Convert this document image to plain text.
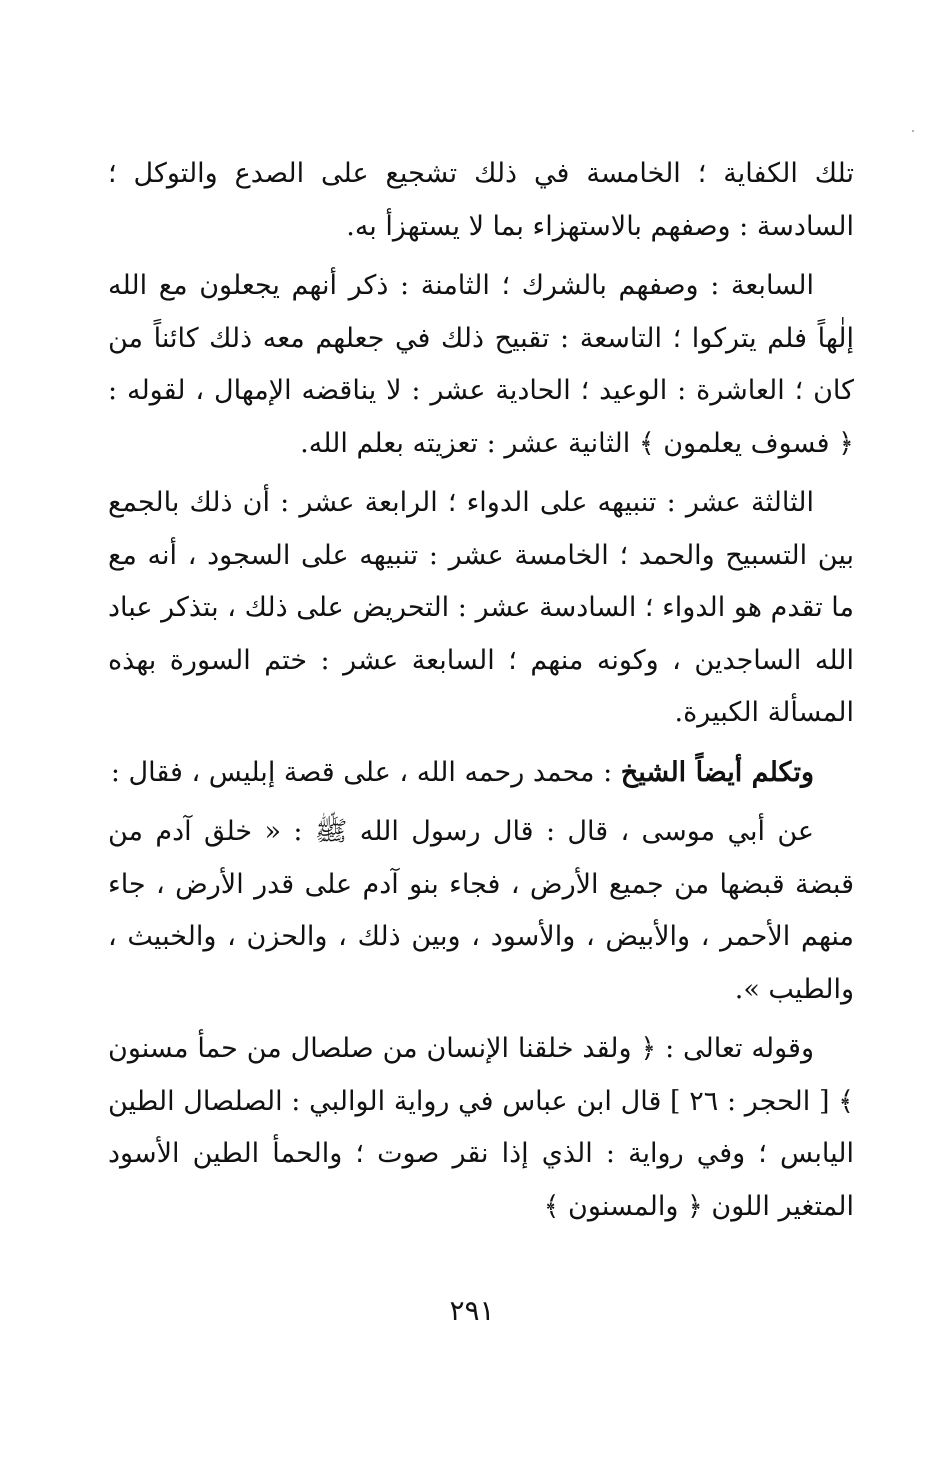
تلك الكفاية ؛ الخامسة في ذلك تشجيع على الصدع والتوكل ؛ السادسة : وصفهم بالاستهزاء بما لا يستهزأ به.

السابعة : وصفهم بالشرك ؛ الثامنة : ذكر أنهم يجعلون مع الله إلٰهاً فلم يتركوا ؛ التاسعة : تقبيح ذلك في جعلهم معه ذلك كائناً من كان ؛ العاشرة : الوعيد ؛ الحادية عشر : لا يناقضه الإمهال ، لقوله : ﴿ فسوف يعلمون ﴾ الثانية عشر : تعزيته بعلم الله.

الثالثة عشر : تنبيهه على الدواء ؛ الرابعة عشر : أن ذلك بالجمع بين التسبيح والحمد ؛ الخامسة عشر : تنبيهه على السجود ، أنه مع ما تقدم هو الدواء ؛ السادسة عشر : التحريض على ذلك ، بتذكر عباد الله الساجدين ، وكونه منهم ؛ السابعة عشر : ختم السورة بهذه المسألة الكبيرة.

وتكلم أيضاً الشيخ : محمد رحمه الله ، على قصة إبليس ، فقال :

عن أبي موسى ، قال : قال رسول الله ﷺ : « خلق آدم من قبضة قبضها من جميع الأرض ، فجاء بنو آدم على قدر الأرض ، جاء منهم الأحمر ، والأبيض ، والأسود ، وبين ذلك ، والحزن ، والخبيث ، والطيب ».

وقوله تعالى : ﴿ ولقد خلقنا الإنسان من صلصال من حمأ مسنون ﴾ [ الحجر : ٢٦ ] قال ابن عباس في رواية الوالبي : الصلصال الطين اليابس ؛ وفي رواية : الذي إذا نقر صوت ؛ والحمأ الطين الأسود المتغير اللون ﴿ والمسنون ﴾

٢٩١
